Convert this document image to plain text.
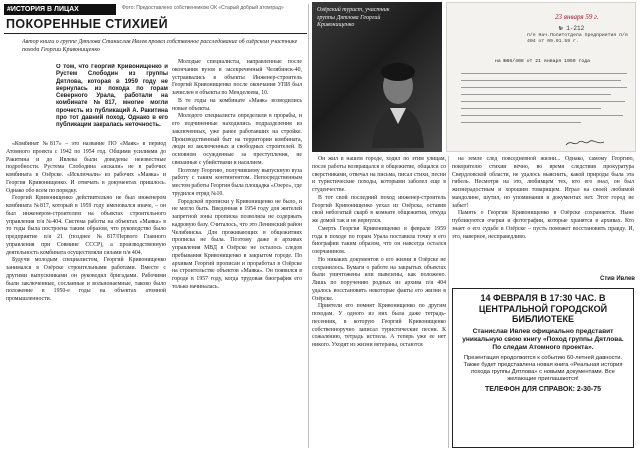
#ИСТОРИЯ В ЛИЦАХ	Фото: Предоставлено собственником ОК «Старый добрый атомград»
ПОКОРЕННЫЕ СТИХИЕЙ
Автор книги о группе Дятлова Станислав Ивлев провел собственное расследование об озёрском участнике похода Георгии Кривонищенко
О том, что Георгий Кривонищенко и Рустем Слободин из группы Дятлова, которая в 1959 году не вернулась из похода по горам Северного Урала, работали на комбинате №817, многие могли прочесть из публикаций А. Ракитина про тот давний поход. Однако в его публикации закралась неточность.

«Комбинат №817» – это название ПО «Маяк» в период Атомного проекта с 1942 по 1954 год. Общими усилиями до Ракитина и до Ивлева были доведены неизвестные подробности. Рустема Слободина «искали» не в рабочих комбината в Озёрске. «Исключали» из рабочих «Маяка» и Георгия Кривонищенко. И отвечать в документах пришлось. Однако обо всем по порядку.

Георгий Кривонищенко действительно не был инженером комбината №817, который в 1959 году именовался иначе, – он был инженером-строителем на объектах строительного управления п/я №404. Система работы на объектах «Маяка» в то годы была построена таким образом, что руководство было предприятие п/я 21 (позднее №817/Первого Главного управления при Совмине СССР), а производственную деятельность комбината осуществляли силами п/я 404.

Будучи молодым специалистом, Георгий Кривонищенко занимался в Озёрске строительными работами. Вместе с другими выпускниками он руководил бригадами. Рабочими были заключенные, сосланные и вольнонаемные, таково было положение в 1950-е годы на объектах атомной промышленности.

Молодые специалисты, направленные после окончания вузов в засекреченный Челябинск-40, устраивались в объекты Инженер-строитель Георгий Кривонищенко после окончания УПИ был зачислен в объекты по Менделеева, 10.

В те годы на комбинате «Маяк» возводились новые объекты.

Молодого специалиста определили в прорабы, и его подчиненные находились подразделения из заключенных, уже ранее работавших на стройке. Производственный быт на территории комбината, люди из заключенных и свободных строителей. В основном осужденные за преступления, не связанные с убийствами и насилием.

Поэтому Георгию, получившему выпускную вуза работу с таким контингентом. Непосредственным местом работы Георгия была площадка «Озеро», где трудился отряд №10.

Городской прописки у Кривонищенко не было, и не могло быть. Введенная в 1954 году для жителей запретной зоны прописка позволяла не содержать кадровую базу. Считалось, что это Ленинский район Челябинска. Для проживающих в общежитиях прописка не была. Поэтому даже в архивах управления МВД в Озёрске не осталось следов пребывания Кривонищенко в закрытом городе. По архивам Георгий прописан и проработал в Озёрске на строительстве объектов «Маяка». Он появился в городе в 1957 году, когда трудовая биография его только начиналась.

Озёрский турист, участник группы Дятлова Георгий Кривонищенко
23 января 59 г.
№ 1-212
п/я Нач.Политотдела предприятия п/я 404 от 09.01.59 г.
на №66/408 от 21 января 1959 года

Он жил в нашем городе, ходил по этим улицам, после работы возвращался в общежитие, общался со сверстниками, отвечал на письма, писал стихи, песни и туристические походы, которыми заболел еще в студенчестве.

В тот свой последний поход инженер-строитель Георгий Кривонищенко уехал из Озёрска, оставив свой небогатый скарб в комнате общежития, откуда же домой так и не вернулся.

Смерть Георгия Кривонищенко в феврале 1959 года в походе по горам Урала поставила точку в его биографии таким образом, что он навсегда остался озерчанином.

Но никаких документов о его жизни в Озёрске не сохранилось. Бумаги о работе на закрытых объектах были уничтожены или вывезены, как положено. Лишь по поручению родных из архива п/я 404 удалось восстановить некоторые факты его жизни в Озёрске.

Приятели его помнят Кривонищенко по другим походам. У одного из них была даже тетрадь-песенник, в которую Георгий Кривонищенко собственноручно записал туристические песни. К сожалению, тетрадь истлела. А теперь уже ее нет никого. Уходят из жизни ветераны, остаются

на земле след повседневной жизни... Однако, самому Георгию, покорителю стихии вечно, во время следствия прокуратура Свердловской области, не удалось выяснить, какой природы была эта гибель. Несмотря на это, любимцем тех, кто его знал, он был жизнерадостным и хорошим товарищем. Играл на своей любимой мандолине, шутил, но упоминания в документах нет. Этот город не забыт!

Память о Георгии Кривонищенко в Озёрске сохраняется. Ныне публикуются очерки и фотографии, которые хранятся в архивах. Кто знает о его судьбе в Озёрске – пусть поможет восстановить правду. И, это, наверное, несправедливо.

Стив Ивлев
14 ФЕВРАЛЯ В 17:30 ЧАС. В ЦЕНТРАЛЬНОЙ ГОРОДСКОЙ БИБЛИОТЕКЕ
Станислав Ивлев официально представит уникальную свою книгу «Поход группы Дятлова. По следам Атомного проекта».
Презентация продолжится к событию 60-летней давности. Также будет представлена новая книга «Реальная история похода группы Дятлова» с новыми документами. Все желающие приглашаются!
ТЕЛЕФОН ДЛЯ СПРАВОК: 2-30-75
